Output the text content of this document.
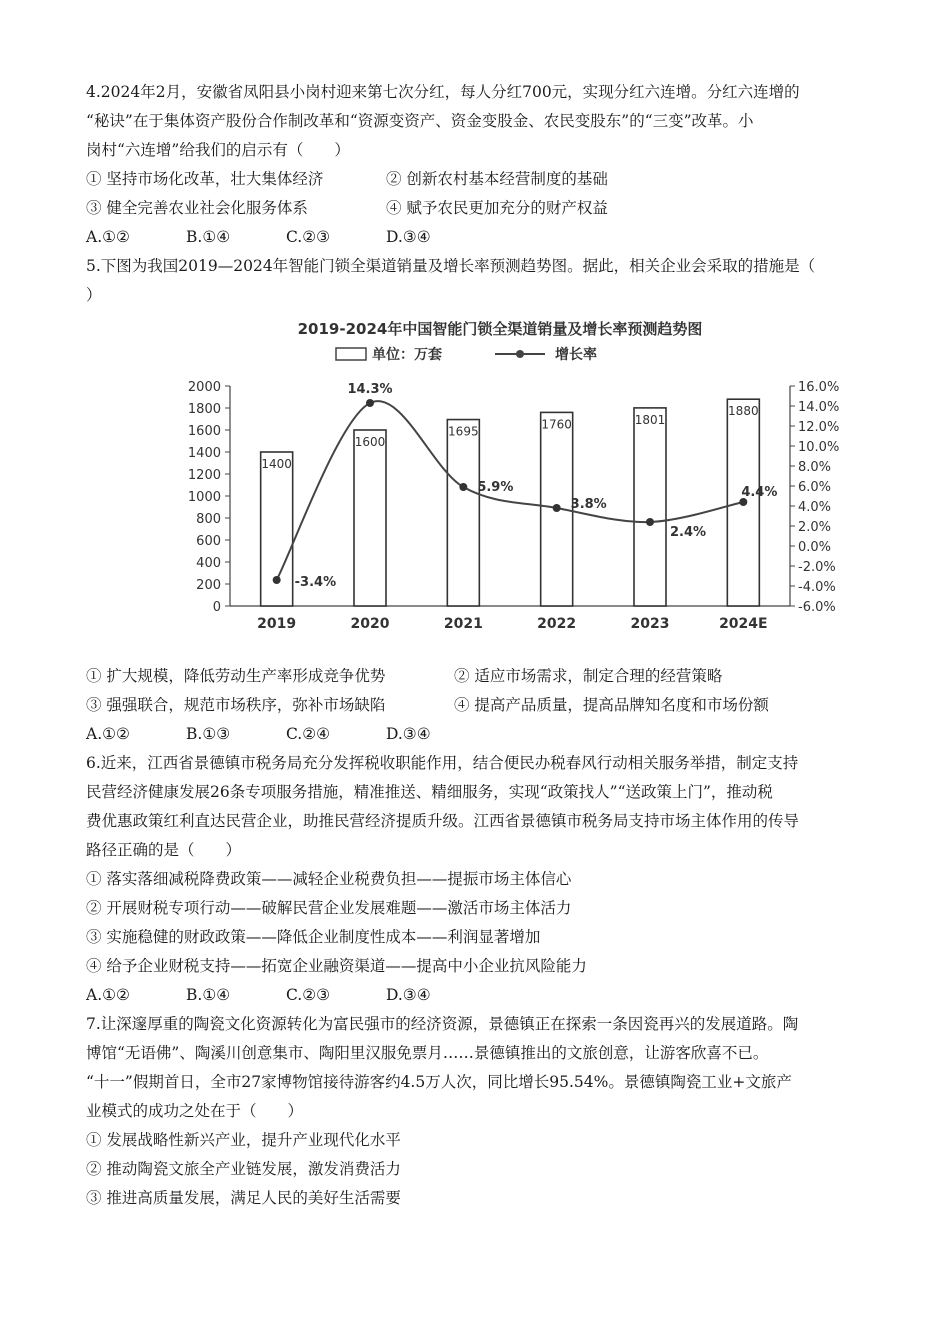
4.2024年2月，安徽省凤阳县小岗村迎来第七次分红，每人分红700元，实现分红六连增。分红六连增的
“秘诀”在于集体资产股份合作制改革和“资源变资产、资金变股金、农民变股东”的“三变”改革。小
岗村“六连增”给我们的启示有（　　）
① 坚持市场化改革，壮大集体经济	② 创新农村基本经营制度的基础
③ 健全完善农业社会化服务体系	④ 赋予农民更加充分的财产权益
A.①②	B.①④	C.②③	D.③④
5.下图为我国2019—2024年智能门锁全渠道销量及增长率预测趋势图。据此，相关企业会采取的措施是（
）
2019-2024年中国智能门锁全渠道销量及增长率预测趋势图
单位：万套	增长率
0
200
400
600
800
1000
1200
1400
1600
1800
2000
-6.0%
-4.0%
-2.0%
0.0%
2.0%
4.0%
6.0%
8.0%
10.0%
12.0%
14.0%
16.0%
1400
1600
1695
1760	1801
1880
-3.4%
14.3%
5.9%
3.8%
2.4%
4.4%
2019	2020	2021	2022	2023	2024E
① 扩大规模，降低劳动生产率形成竞争优势	② 适应市场需求，制定合理的经营策略
③ 强强联合，规范市场秩序，弥补市场缺陷	④ 提高产品质量，提高品牌知名度和市场份额
A.①②	B.①③	C.②④	D.③④
6.近来，江西省景德镇市税务局充分发挥税收职能作用，结合便民办税春风行动相关服务举措，制定支持
民营经济健康发展26条专项服务措施，精准推送、精细服务，实现“政策找人”“送政策上门”，推动税
费优惠政策红利直达民营企业，助推民营经济提质升级。江西省景德镇市税务局支持市场主体作用的传导
路径正确的是（　　）
① 落实落细减税降费政策——减轻企业税费负担——提振市场主体信心
② 开展财税专项行动——破解民营企业发展难题——激活市场主体活力
③ 实施稳健的财政政策——降低企业制度性成本——利润显著增加
④ 给予企业财税支持——拓宽企业融资渠道——提高中小企业抗风险能力
A.①②	B.①④	C.②③	D.③④
7.让深邃厚重的陶瓷文化资源转化为富民强市的经济资源，景德镇正在探索一条因瓷再兴的发展道路。陶
博馆“无语佛”、陶溪川创意集市、陶阳里汉服免票月……景德镇推出的文旅创意，让游客欣喜不已。
“十一”假期首日，全市27家博物馆接待游客约4.5万人次，同比增长95.54%。景德镇陶瓷工业+文旅产
业模式的成功之处在于（　　）
① 发展战略性新兴产业，提升产业现代化水平
② 推动陶瓷文旅全产业链发展，激发消费活力
③ 推进高质量发展，满足人民的美好生活需要
